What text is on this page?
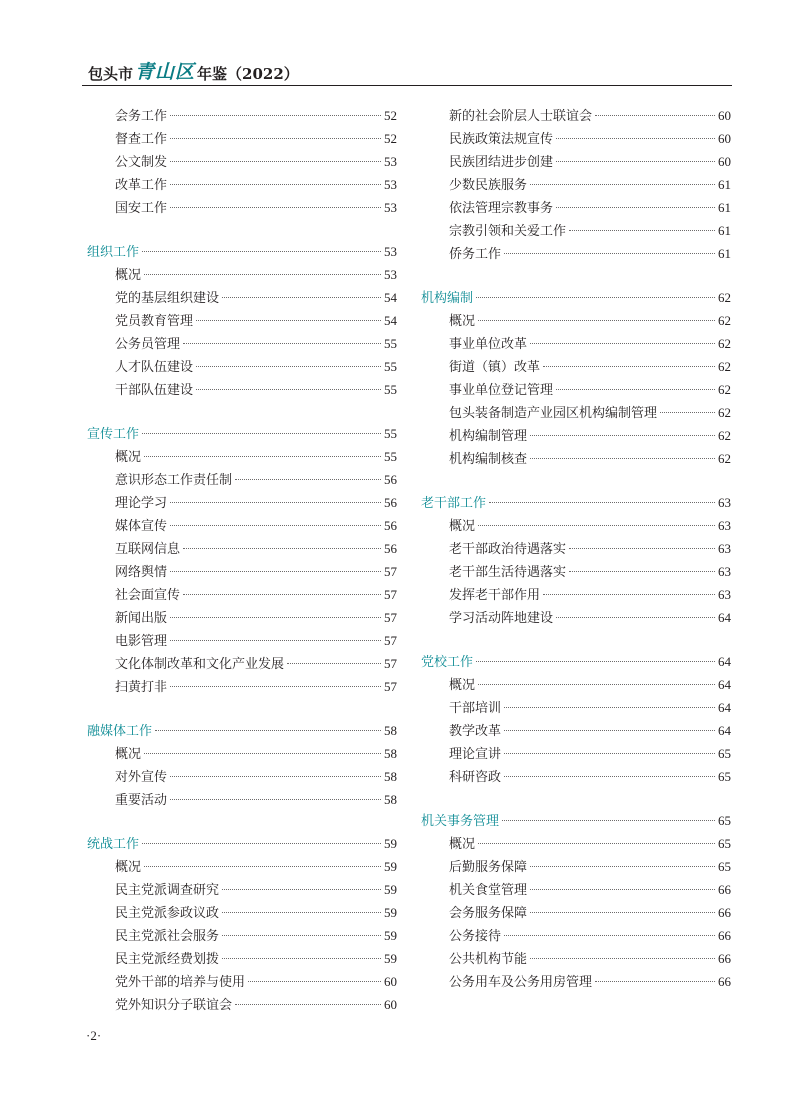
包头市 青山区 年鉴（2022）
会务工作	52
督查工作	52
公文制发	53
改革工作	53
国安工作	53
组织工作	53
概况	53
党的基层组织建设	54
党员教育管理	54
公务员管理	55
人才队伍建设	55
干部队伍建设	55
宣传工作	55
概况	55
意识形态工作责任制	56
理论学习	56
媒体宣传	56
互联网信息	56
网络舆情	57
社会面宣传	57
新闻出版	57
电影管理	57
文化体制改革和文化产业发展	57
扫黄打非	57
融媒体工作	58
概况	58
对外宣传	58
重要活动	58
统战工作	59
概况	59
民主党派调查研究	59
民主党派参政议政	59
民主党派社会服务	59
民主党派经费划拨	59
党外干部的培养与使用	60
党外知识分子联谊会	60
新的社会阶层人士联谊会	60
民族政策法规宣传	60
民族团结进步创建	60
少数民族服务	61
依法管理宗教事务	61
宗教引领和关爱工作	61
侨务工作	61
机构编制	62
概况	62
事业单位改革	62
街道（镇）改革	62
事业单位登记管理	62
包头装备制造产业园区机构编制管理	62
机构编制管理	62
机构编制核查	62
老干部工作	63
概况	63
老干部政治待遇落实	63
老干部生活待遇落实	63
发挥老干部作用	63
学习活动阵地建设	64
党校工作	64
概况	64
干部培训	64
教学改革	64
理论宣讲	65
科研咨政	65
机关事务管理	65
概况	65
后勤服务保障	65
机关食堂管理	66
会务服务保障	66
公务接待	66
公共机构节能	66
公务用车及公务用房管理	66
·2·
